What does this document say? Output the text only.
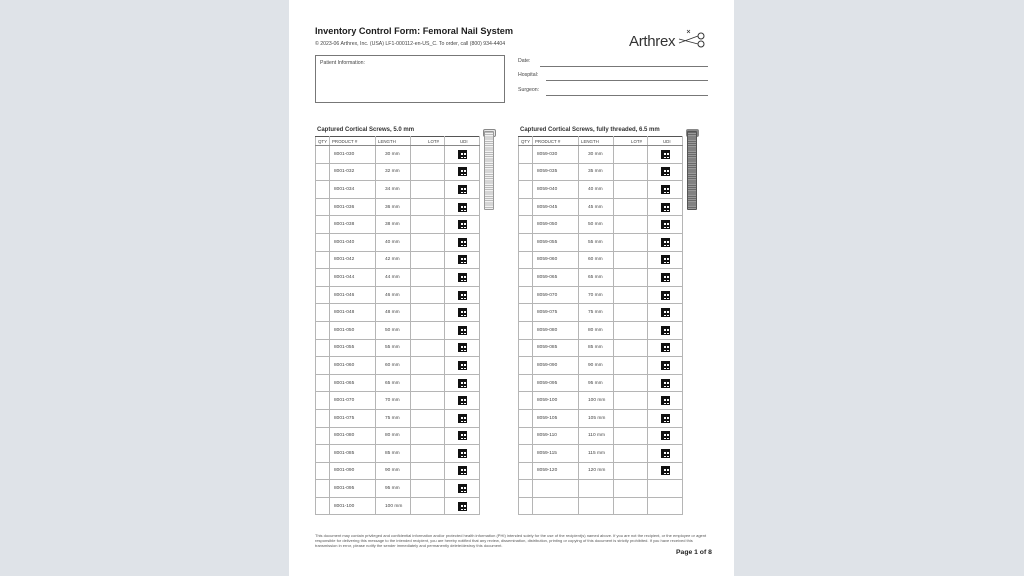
Inventory Control Form: Femoral Nail System
© 2023-06 Arthrex, Inc. (USA) LF1-000112-en-US_C. To order, call (800) 934-4404	Arthrex
Patient Information:	Date:
Hospital:
Surgeon:
Captured Cortical Screws, 5.0 mm
QTY	PRODUCT #	LENGTH	LOT#	UDI
	8001-030	30 mm		
	8001-032	32 mm		
	8001-034	34 mm		
	8001-036	36 mm		
	8001-038	38 mm		
	8001-040	40 mm		
	8001-042	42 mm		
	8001-044	44 mm		
	8001-046	46 mm		
	8001-048	48 mm		
	8001-050	50 mm		
	8001-055	55 mm		
	8001-060	60 mm		
	8001-065	65 mm		
	8001-070	70 mm		
	8001-075	75 mm		
	8001-080	80 mm		
	8001-085	85 mm		
	8001-090	90 mm		
	8001-095	95 mm		
	8001-100	100 mm		
Captured Cortical Screws, fully threaded, 6.5 mm
QTY	PRODUCT #	LENGTH	LOT#	UDI
	8059-030	30 mm		
	8059-035	35 mm		
	8059-040	40 mm		
	8059-045	45 mm		
	8059-050	50 mm		
	8059-055	55 mm		
	8059-060	60 mm		
	8059-065	65 mm		
	8059-070	70 mm		
	8059-075	75 mm		
	8059-080	80 mm		
	8059-085	85 mm		
	8059-090	90 mm		
	8059-095	95 mm		
	8059-100	100 mm		
	8059-105	105 mm		
	8059-110	110 mm		
	8059-115	115 mm		
	8059-120	120 mm		

This document may contain privileged and confidential information and/or protected health information (PHI) intended solely for the use of the recipient(s) named above. If you are not the recipient, or the employee or agent responsible for delivering this message to the intended recipient, you are hereby notified that any review, dissemination, distribution, printing or copying of this document is strictly prohibited. If you have received this transmission in error, please notify the sender immediately and permanently delete/destroy this document.
Page 1 of 8
